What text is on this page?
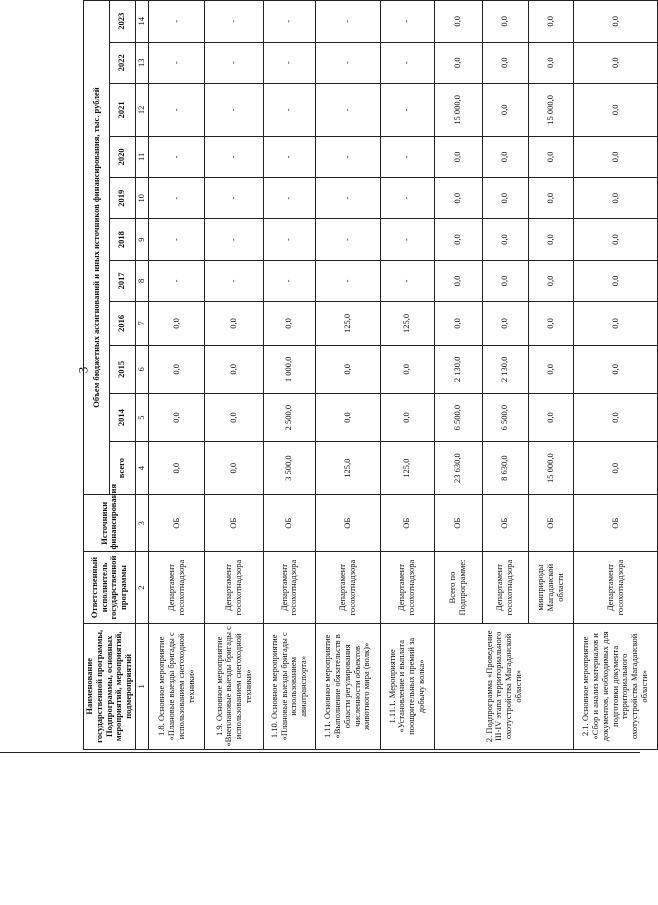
3
Наименование государственной программы, Подпрограммы, основных мероприятий, мероприятий, подмероприятий	Ответственный исполнитель государственной программы	Источники финансирования	Объем бюджетных ассигнований и иных источников финансирования, тыс. рублей										
			всего	2014	2015	2016	2017	2018	2019	2020	2021	2022	2023
1	2	3	4	5	6	7	8	9	10	11	12	13	14
1.8. Основное мероприятие «Плановые выезды бригады с использованием снегоходной техники»	Департамент госохотнадзора	ОБ	0,0	0,0	0,0	0,0	-	-	-	-	-	-	-
1.9. Основное мероприятие «Внеплановые выезды бригады с использованием снегоходной техники»	Департамент госохотнадзора	ОБ	0,0	0,0	0,0	0,0	-	-	-	-	-	-	-
1.10. Основное мероприятие «Плановые выезды бригады с использованием авиатранспорта»	Департамент госохотнадзора	ОБ	3 500,0	2 500,0	1 000,0	0,0	-	-	-	-	-	-	-
1.11. Основное мероприятие «Выполнение обязательств в области регулирования численности объектов животного мира (волк)»	Департамент госохотнадзора	ОБ	125,0	0,0	0,0	125,0	-	-	-	-	-	-	-
1.11.1. Мероприятие «Установление и выплата поощрительных премий за добычу волка»	Департамент госохотнадзора	ОБ	125,0	0,0	0,0	125,0	-	-	-	-	-	-	-
2. Подпрограмма «Проведение III-IV этапа территориального охотустройства Магаданской области»	Всего по Подпрограмме:	ОБ	23 630,0	6 500,0	2 130,0	0,0	0,0	0,0	0,0	0,0	15 000,0	0,0	0,0
	Департамент госохотнадзора	ОБ	8 630,0	6 500,0	2 130,0	0,0	0,0	0,0	0,0	0,0	0,0	0,0	0,0
	минприроды Магаданской области	ОБ	15 000,0	0,0	0,0	0,0	0,0	0,0	0,0	0,0	15 000,0	0,0	0,0
2.1. Основное мероприятие «Сбор и анализ материалов и документов, необходимых для подготовки документа территориального охотустройства Магаданской области»	Департамент госохотнадзора	ОБ	0,0	0,0	0,0	0,0	0,0	0,0	0,0	0,0	0,0	0,0	0,0
